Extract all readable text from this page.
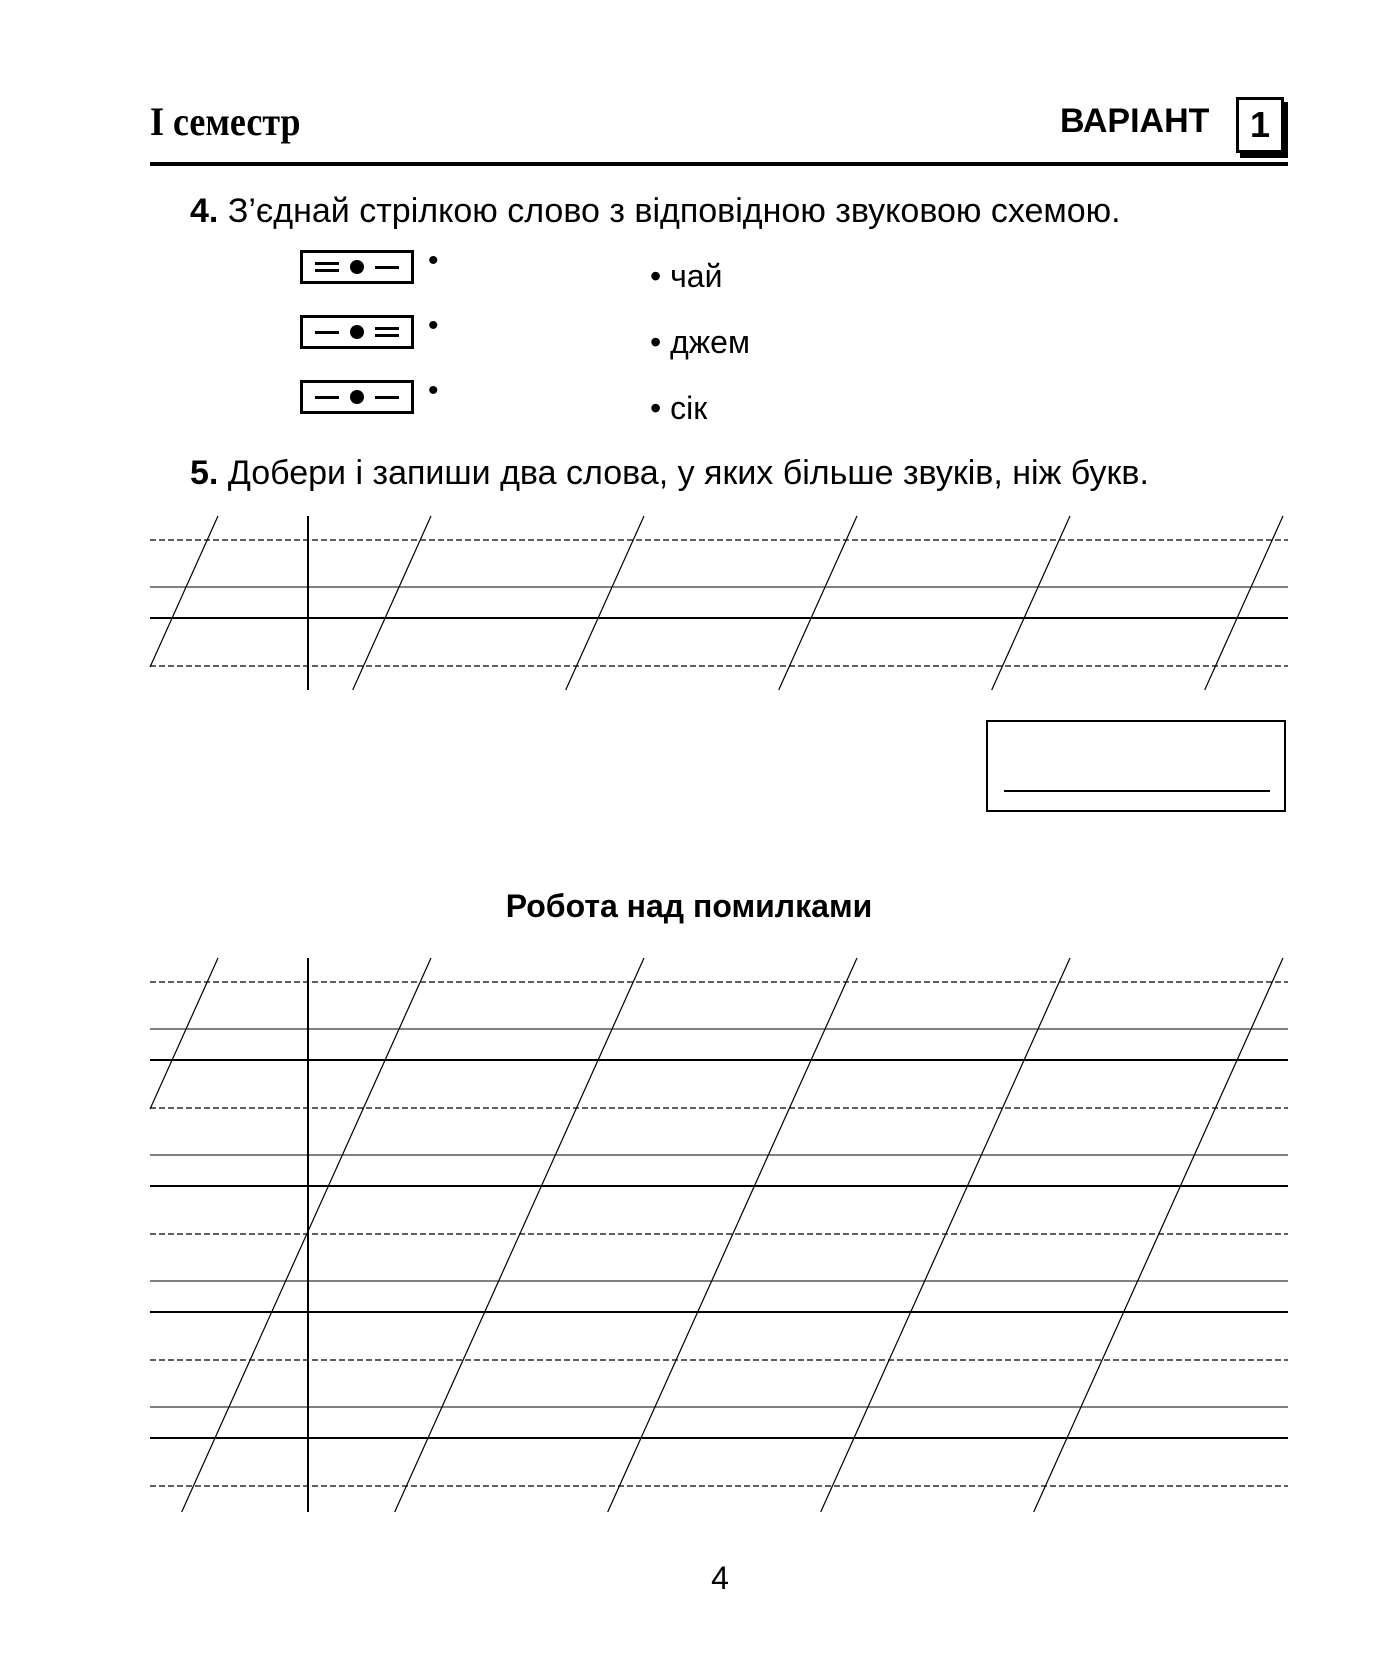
I семестр	ВАРІАНТ	1
4. З’єднай стрілкою слово з відповідною звуковою схемою.
•
•
•
• чай
• джем
• сік
5. Добери і запиши два слова, у яких більше звуків, ніж букв.
Робота над помилками
4
